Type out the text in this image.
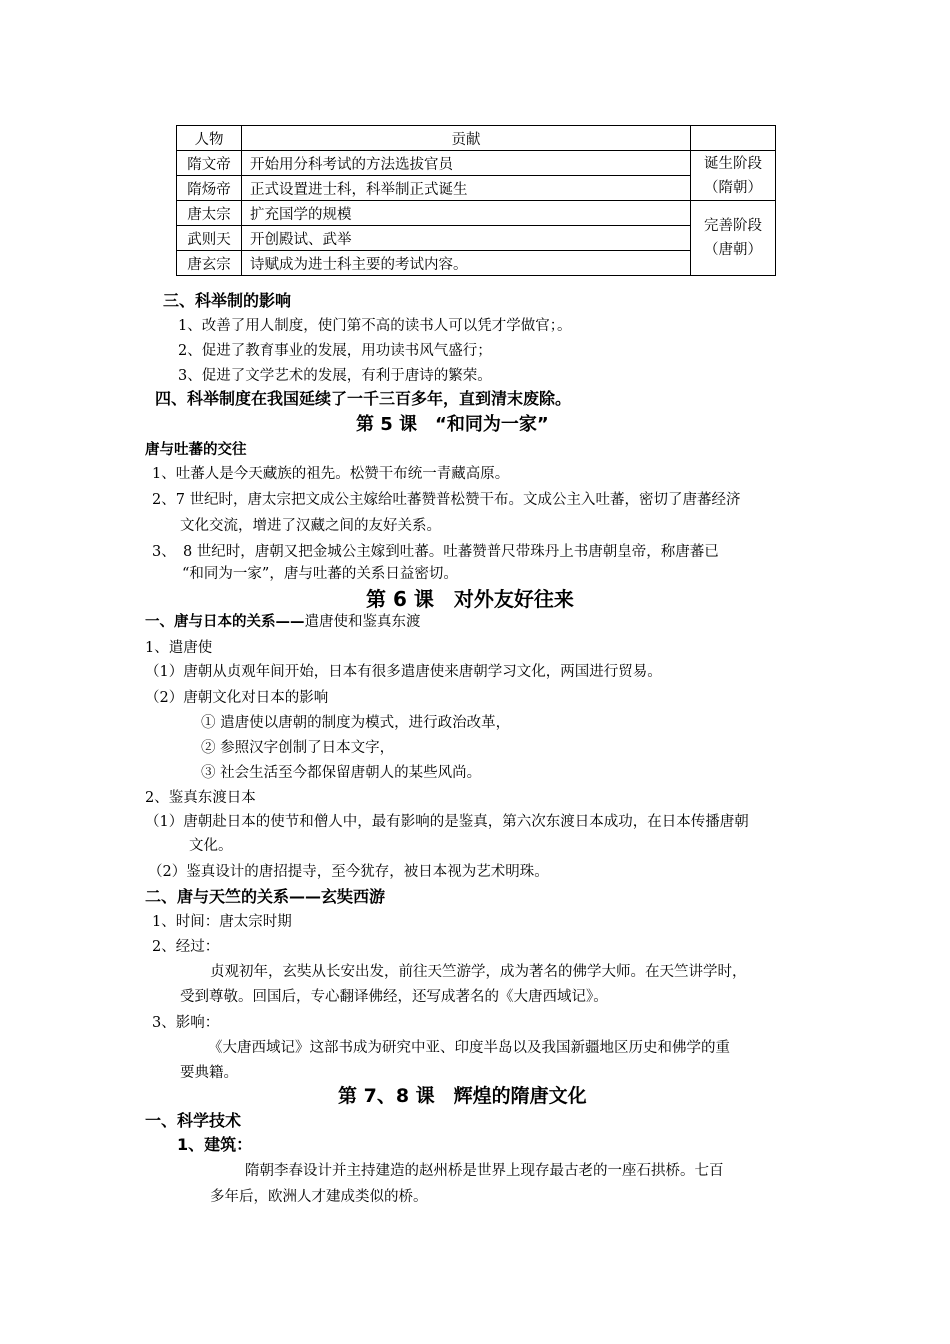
人物	贡献	
隋文帝	开始用分科考试的方法选拔官员	诞生阶段
（隋朝）

隋炀帝	正式设置进士科，科举制正式诞生	
唐太宗	扩充国学的规模	完善阶段
（唐朝）

武则天	开创殿试、武举	
唐玄宗	诗赋成为进士科主要的考试内容。	
三、科举制的影响
1、改善了用人制度，使门第不高的读书人可以凭才学做官；。
2、促进了教育事业的发展，用功读书风气盛行；
3、促进了文学艺术的发展，有利于唐诗的繁荣。
四、科举制度在我国延续了一千三百多年，直到清末废除。
第 5 课　“和同为一家”
唐与吐蕃的交往
1、吐蕃人是今天藏族的祖先。松赞干布统一青藏高原。
2、7 世纪时，唐太宗把文成公主嫁给吐蕃赞普松赞干布。文成公主入吐蕃，密切了唐蕃经济
文化交流，增进了汉藏之间的友好关系。
3、　8 世纪时，唐朝又把金城公主嫁到吐蕃。吐蕃赞普尺带珠丹上书唐朝皇帝，称唐蕃已
“和同为一家”，唐与吐蕃的关系日益密切。
第 6 课　对外友好往来
一、唐与日本的关系——遣唐使和鉴真东渡
1、遣唐使
（1）唐朝从贞观年间开始，日本有很多遣唐使来唐朝学习文化，两国进行贸易。
（2）唐朝文化对日本的影响
① 遣唐使以唐朝的制度为模式，进行政治改革，
② 参照汉字创制了日本文字，
③ 社会生活至今都保留唐朝人的某些风尚。
2、鉴真东渡日本
（1）唐朝赴日本的使节和僧人中，最有影响的是鉴真，第六次东渡日本成功，在日本传播唐朝
文化。
（2）鉴真设计的唐招提寺，至今犹存，被日本视为艺术明珠。
二、唐与天竺的关系——玄奘西游
1、时间：唐太宗时期
2、经过：
贞观初年，玄奘从长安出发，前往天竺游学，成为著名的佛学大师。在天竺讲学时，
受到尊敬。回国后，专心翻译佛经，还写成著名的《大唐西域记》。
3、影响：
《大唐西域记》这部书成为研究中亚、印度半岛以及我国新疆地区历史和佛学的重
要典籍。
第 7、8 课　辉煌的隋唐文化
一、科学技术
1、建筑：
隋朝李春设计并主持建造的赵州桥是世界上现存最古老的一座石拱桥。七百
多年后，欧洲人才建成类似的桥。
